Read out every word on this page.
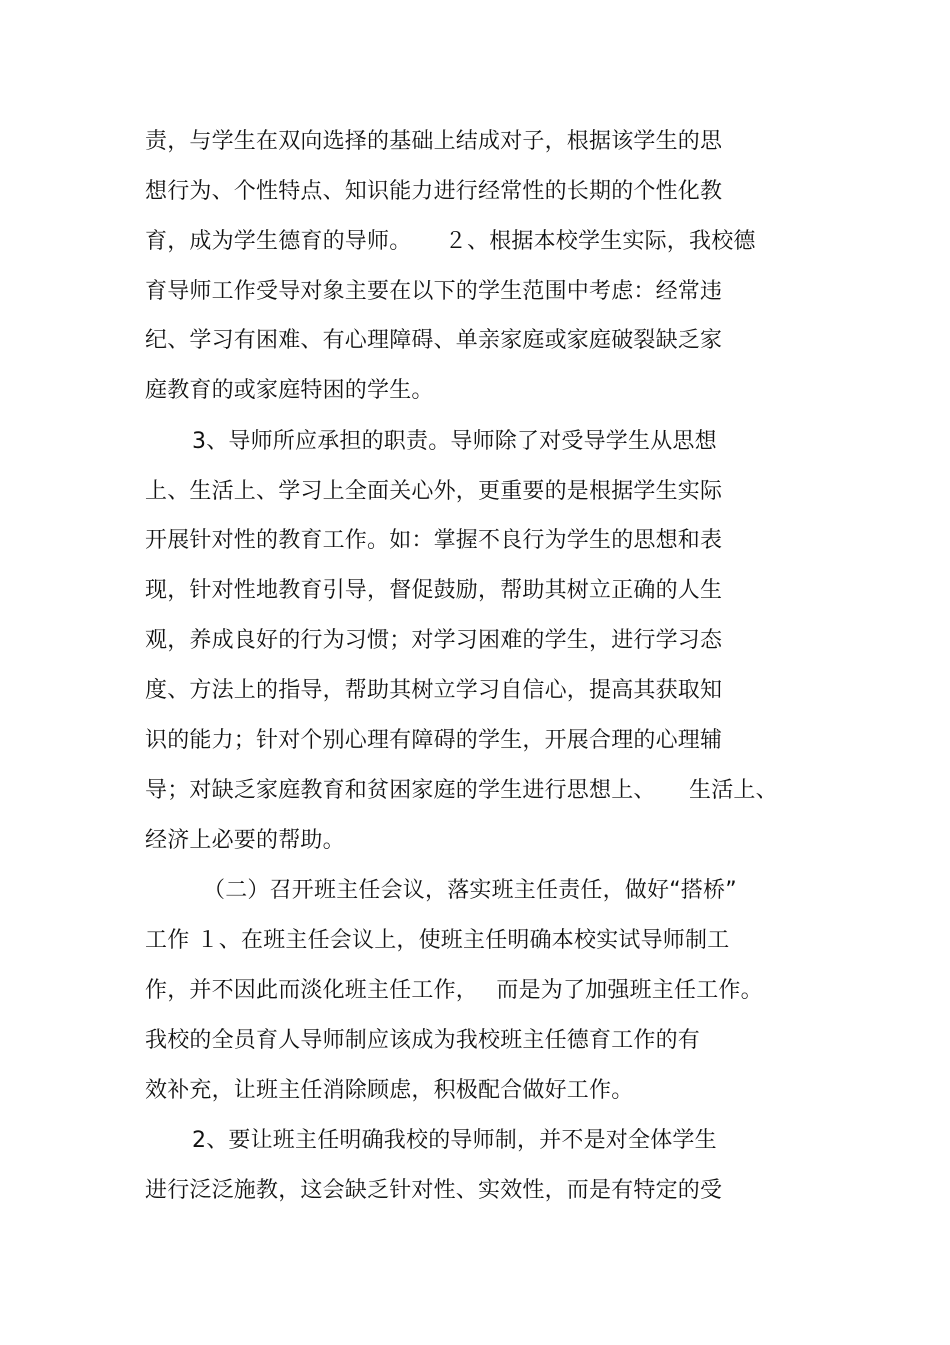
责，与学生在双向选择的基础上结成对子，根据该学生的思

想行为、个性特点、知识能力进行经常性的长期的个性化教

育，成为学生德育的导师。　　２、根据本校学生实际，我校德

育导师工作受导对象主要在以下的学生范围中考虑：经常违

纪、学习有困难、有心理障碍、单亲家庭或家庭破裂缺乏家

庭教育的或家庭特困的学生。

3、导师所应承担的职责。导师除了对受导学生从思想

上、生活上、学习上全面关心外，更重要的是根据学生实际

开展针对性的教育工作。如：掌握不良行为学生的思想和表

现，针对性地教育引导，督促鼓励，帮助其树立正确的人生

观，养成良好的行为习惯；对学习困难的学生，进行学习态

度、方法上的指导，帮助其树立学习自信心，提高其获取知

识的能力；针对个别心理有障碍的学生，开展合理的心理辅

导；对缺乏家庭教育和贫困家庭的学生进行思想上、　　生活上、

经济上必要的帮助。

（二）召开班主任会议，落实班主任责任，做好“搭桥”

工作 １、在班主任会议上，使班主任明确本校实试导师制工

作，并不因此而淡化班主任工作，　 而是为了加强班主任工作。

我校的全员育人导师制应该成为我校班主任德育工作的有

效补充，让班主任消除顾虑，积极配合做好工作。

2、要让班主任明确我校的导师制，并不是对全体学生

进行泛泛施教，这会缺乏针对性、实效性，而是有特定的受
